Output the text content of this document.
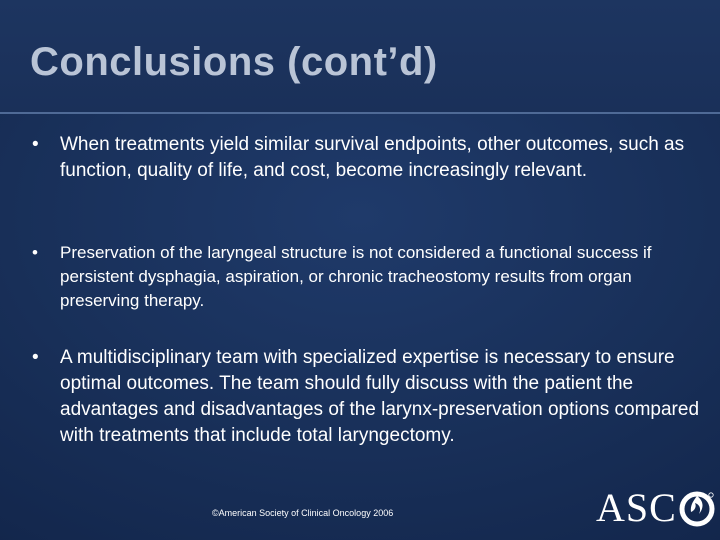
Conclusions (cont’d)
• When treatments yield similar survival endpoints, other outcomes, such as function, quality of life, and cost, become increasingly relevant.
• Preservation of the laryngeal structure is not considered a functional success if persistent dysphagia, aspiration, or chronic tracheostomy results from organ preserving therapy.
• A multidisciplinary team with specialized expertise is necessary to ensure optimal outcomes. The team should fully discuss with the patient the advantages and disadvantages of the larynx-preservation options compared with treatments that include total laryngectomy.
©American Society of Clinical Oncology 2006	ASC
